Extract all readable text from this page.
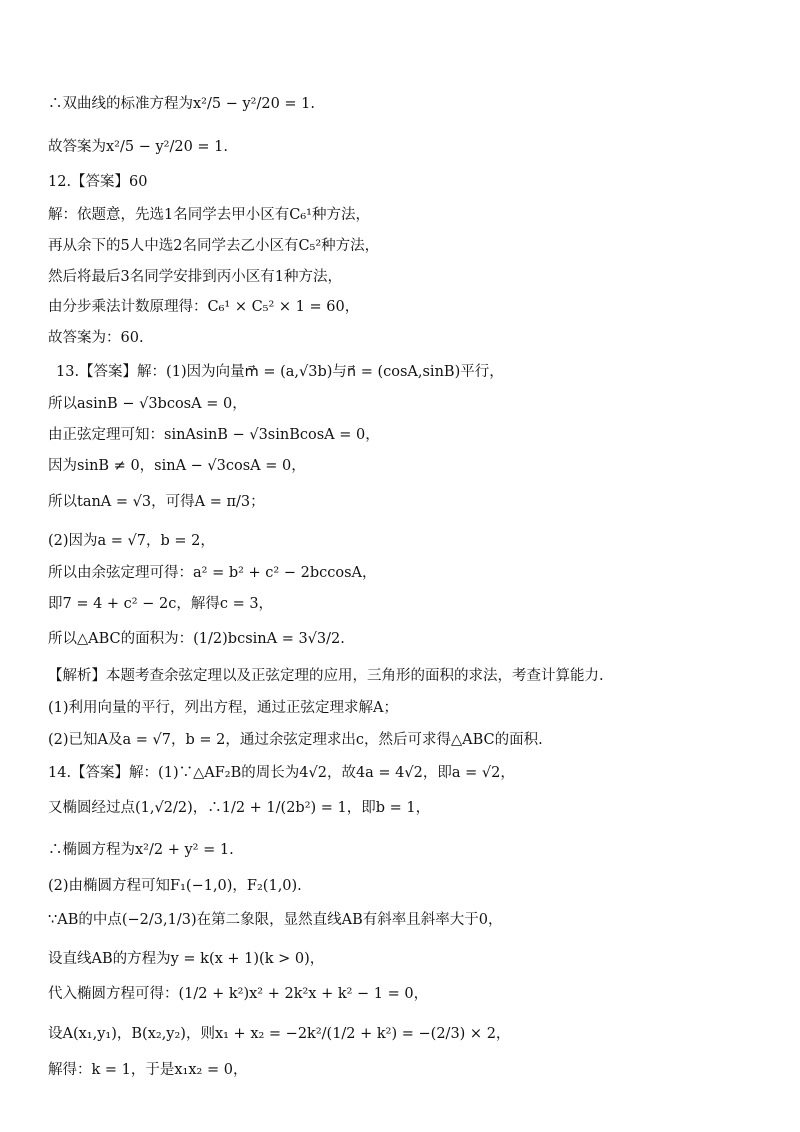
∴双曲线的标准方程为x²/5 − y²/20 = 1.
故答案为x²/5 − y²/20 = 1.
12.【答案】60
解：依题意，先选1名同学去甲小区有C₆¹种方法，
再从余下的5人中选2名同学去乙小区有C₅²种方法，
然后将最后3名同学安排到丙小区有1种方法，
由分步乘法计数原理得：C₆¹ × C₅² × 1 = 60，
故答案为：60.
13.【答案】解：(1)因为向量m⃗ = (a,√3b)与n⃗ = (cosA,sinB)平行，
所以asinB − √3bcosA = 0，
由正弦定理可知：sinAsinB − √3sinBcosA = 0，
因为sinB ≠ 0，sinA − √3cosA = 0，
所以tanA = √3，可得A = π/3；
(2)因为a = √7，b = 2，
所以由余弦定理可得：a² = b² + c² − 2bccosA，
即7 = 4 + c² − 2c，解得c = 3，
所以△ABC的面积为：(1/2)bcsinA = 3√3/2.
【解析】本题考查余弦定理以及正弦定理的应用，三角形的面积的求法，考查计算能力.
(1)利用向量的平行，列出方程，通过正弦定理求解A；
(2)已知A及a = √7，b = 2，通过余弦定理求出c，然后可求得△ABC的面积.
14.【答案】解：(1)∵△AF₂B的周长为4√2，故4a = 4√2，即a = √2，
又椭圆经过点(1,√2/2)，∴1/2 + 1/(2b²) = 1，即b = 1，
∴椭圆方程为x²/2 + y² = 1.
(2)由椭圆方程可知F₁(−1,0)，F₂(1,0).
∵AB的中点(−2/3,1/3)在第二象限，显然直线AB有斜率且斜率大于0，
设直线AB的方程为y = k(x + 1)(k > 0)，
代入椭圆方程可得：(1/2 + k²)x² + 2k²x + k² − 1 = 0，
设A(x₁,y₁)，B(x₂,y₂)，则x₁ + x₂ = −2k²/(1/2 + k²) = −(2/3) × 2，
解得：k = 1，于是x₁x₂ = 0，
